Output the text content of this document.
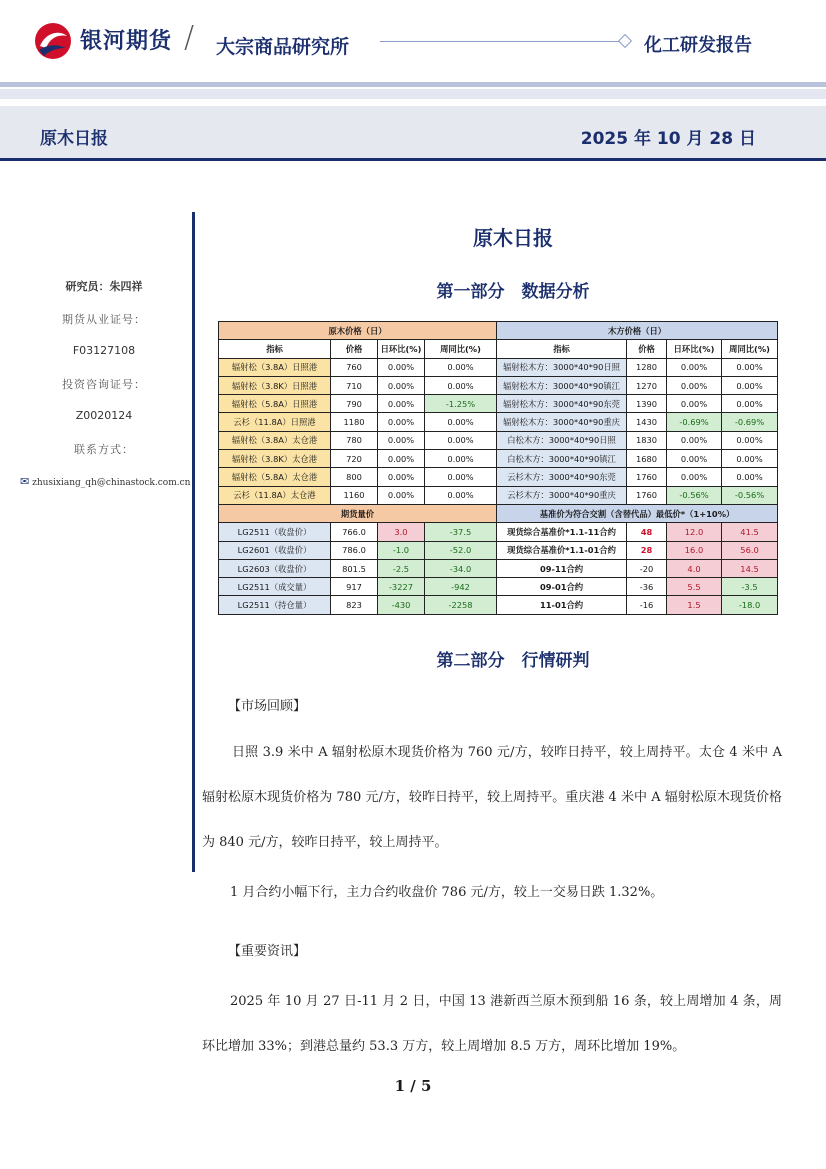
银河期货 / 大宗商品研究所	化工研发报告
原木日报	2025 年 10 月 28 日
研究员：朱四祥
期货从业证号：
F03127108
投资咨询证号：
Z0020124
联系方式：
✉ zhusixiang_qh@chinastock.com.cn
原木日报
第一部分　数据分析
原木价格（日）				木方价格（日）			
指标	价格	日环比(%)	周同比(%)	指标	价格	日环比(%)	周同比(%)
辐射松（3.8A）日照港	760	0.00%	0.00%	辐射松木方：3000*40*90日照	1280	0.00%	0.00%
辐射松（3.8K）日照港	710	0.00%	0.00%	辐射松木方：3000*40*90镇江	1270	0.00%	0.00%
辐射松（5.8A）日照港	790	0.00%	-1.25%	辐射松木方：3000*40*90东莞	1390	0.00%	0.00%
云杉（11.8A）日照港	1180	0.00%	0.00%	辐射松木方：3000*40*90重庆	1430	-0.69%	-0.69%
辐射松（3.8A）太仓港	780	0.00%	0.00%	白松木方：3000*40*90日照	1830	0.00%	0.00%
辐射松（3.8K）太仓港	720	0.00%	0.00%	白松木方：3000*40*90镇江	1680	0.00%	0.00%
辐射松（5.8A）太仓港	800	0.00%	0.00%	云杉木方：3000*40*90东莞	1760	0.00%	0.00%
云杉（11.8A）太仓港	1160	0.00%	0.00%	云杉木方：3000*40*90重庆	1760	-0.56%	-0.56%
期货量价				基准价为符合交割（含替代品）最低价*（1+10%）			
LG2511（收盘价）	766.0	3.0	-37.5	现货综合基准价*1.1-11合约	48	12.0	41.5
LG2601（收盘价）	786.0	-1.0	-52.0	现货综合基准价*1.1-01合约	28	16.0	56.0
LG2603（收盘价）	801.5	-2.5	-34.0	09-11合约	-20	4.0	14.5
LG2511（成交量）	917	-3227	-942	09-01合约	-36	5.5	-3.5
LG2511（持仓量）	823	-430	-2258	11-01合约	-16	1.5	-18.0
第二部分　行情研判
【市场回顾】
日照 3.9 米中 A 辐射松原木现货价格为 760 元/方，较昨日持平，较上周持平。太仓 4 米中 A 辐射松原木现货价格为 780 元/方，较昨日持平，较上周持平。重庆港 4 米中 A 辐射松原木现货价格为 840 元/方，较昨日持平，较上周持平。
1 月合约小幅下行，主力合约收盘价 786 元/方，较上一交易日跌 1.32%。
【重要资讯】
2025 年 10 月 27 日-11 月 2 日，中国 13 港新西兰原木预到船 16 条，较上周增加 4 条，周环比增加 33%；到港总量约 53.3 万方，较上周增加 8.5 万方，周环比增加 19%。
1 / 5
